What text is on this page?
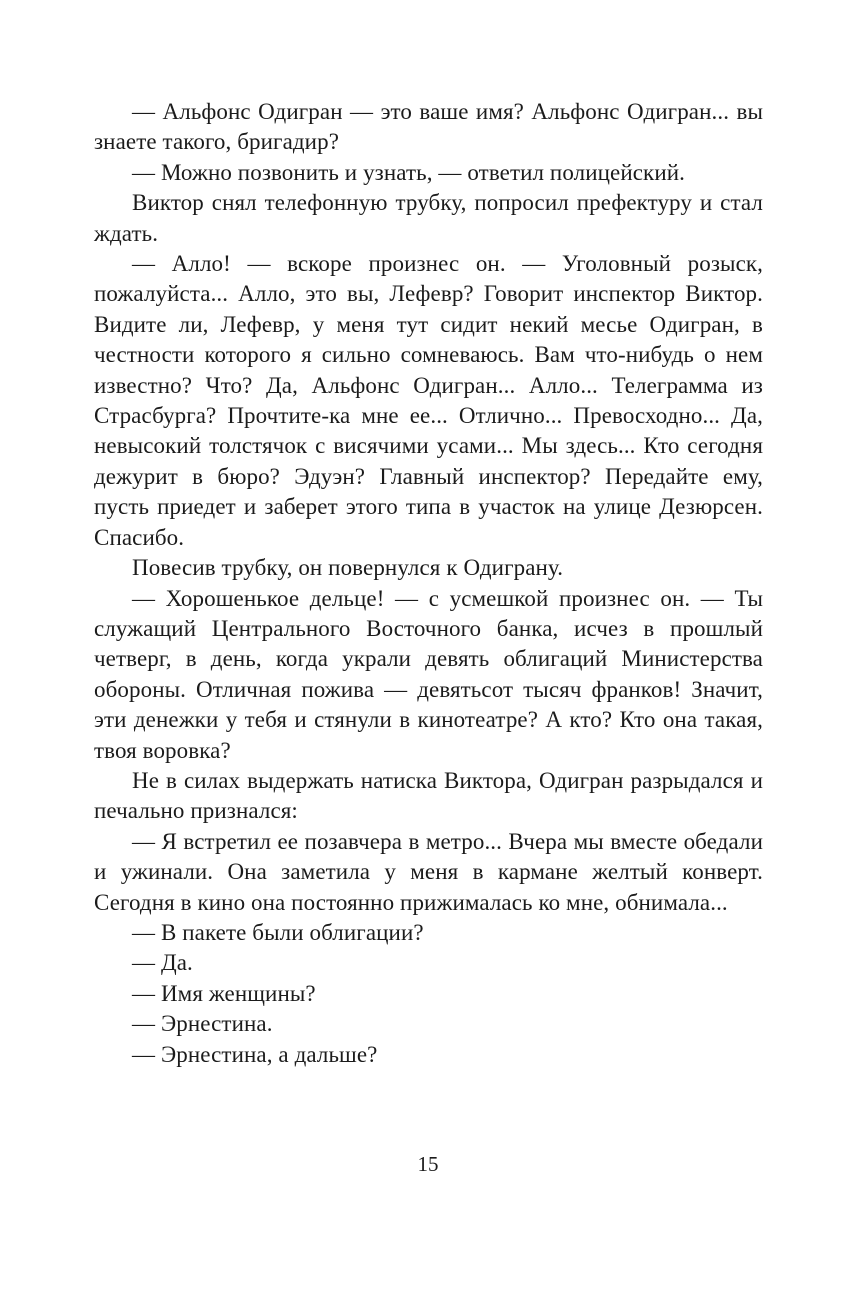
— Альфонс Одигран — это ваше имя? Альфонс Одигран... вы знаете такого, бригадир?

— Можно позвонить и узнать, — ответил полицейский.

Виктор снял телефонную трубку, попросил префектуру и стал ждать.

— Алло! — вскоре произнес он. — Уголовный розыск, пожалуйста... Алло, это вы, Лефевр? Говорит инспектор Виктор. Видите ли, Лефевр, у меня тут сидит некий месье Одигран, в честности которого я сильно сомневаюсь. Вам что-нибудь о нем известно? Что? Да, Альфонс Одигран... Алло... Телеграмма из Страсбурга? Прочтите-ка мне ее... Отлично... Превосходно... Да, невысокий толстячок с висячими усами... Мы здесь... Кто сегодня дежурит в бюро? Эдуэн? Главный инспектор? Передайте ему, пусть приедет и заберет этого типа в участок на улице Дезюрсен. Спасибо.

Повесив трубку, он повернулся к Одиграну.

— Хорошенькое дельце! — с усмешкой произнес он. — Ты служащий Центрального Восточного банка, исчез в прошлый четверг, в день, когда украли девять облигаций Министерства обороны. Отличная пожива — девятьсот тысяч франков! Значит, эти денежки у тебя и стянули в кинотеатре? А кто? Кто она такая, твоя воровка?

Не в силах выдержать натиска Виктора, Одигран разрыдался и печально признался:

— Я встретил ее позавчера в метро... Вчера мы вместе обедали и ужинали. Она заметила у меня в кармане желтый конверт. Сегодня в кино она постоянно прижималась ко мне, обнимала...

— В пакете были облигации?

— Да.

— Имя женщины?

— Эрнестина.

— Эрнестина, а дальше?

15
